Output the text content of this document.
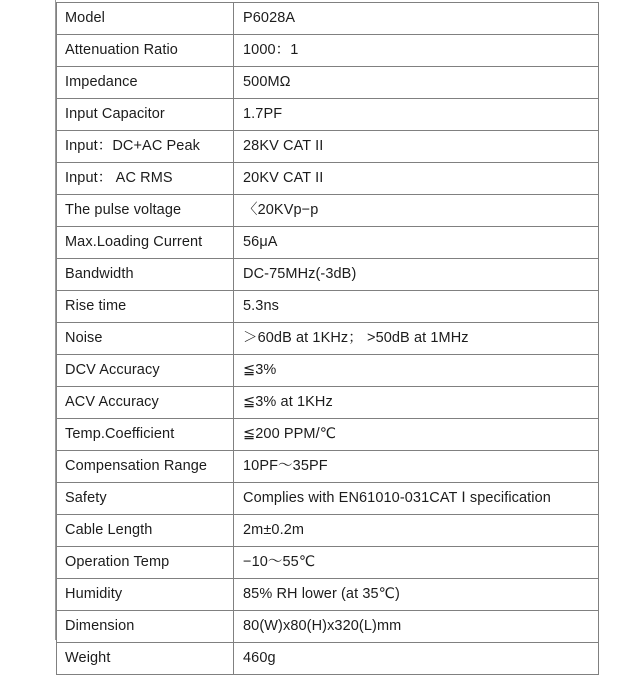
Model	P6028A
Attenuation Ratio	1000：1
Impedance	500MΩ
Input Capacitor	1.7PF
Input：DC+AC Peak	28KV CAT II
Input： AC RMS	20KV CAT II
The pulse voltage	〈20KVp−p
Max.Loading Current	56μA
Bandwidth	DC-75MHz(-3dB)
Rise time	5.3ns
Noise	＞60dB at 1KHz； >50dB at 1MHz
DCV Accuracy	≦3%
ACV Accuracy	≦3% at 1KHz
Temp.Coefficient	≦200 PPM/℃
Compensation Range	10PF～35PF
Safety	Complies with EN61010-031CAT Ⅰ specification
Cable Length	2m±0.2m
Operation Temp	−10～55℃
Humidity	85% RH lower (at 35℃)
Dimension	80(W)x80(H)x320(L)mm
Weight	460g
